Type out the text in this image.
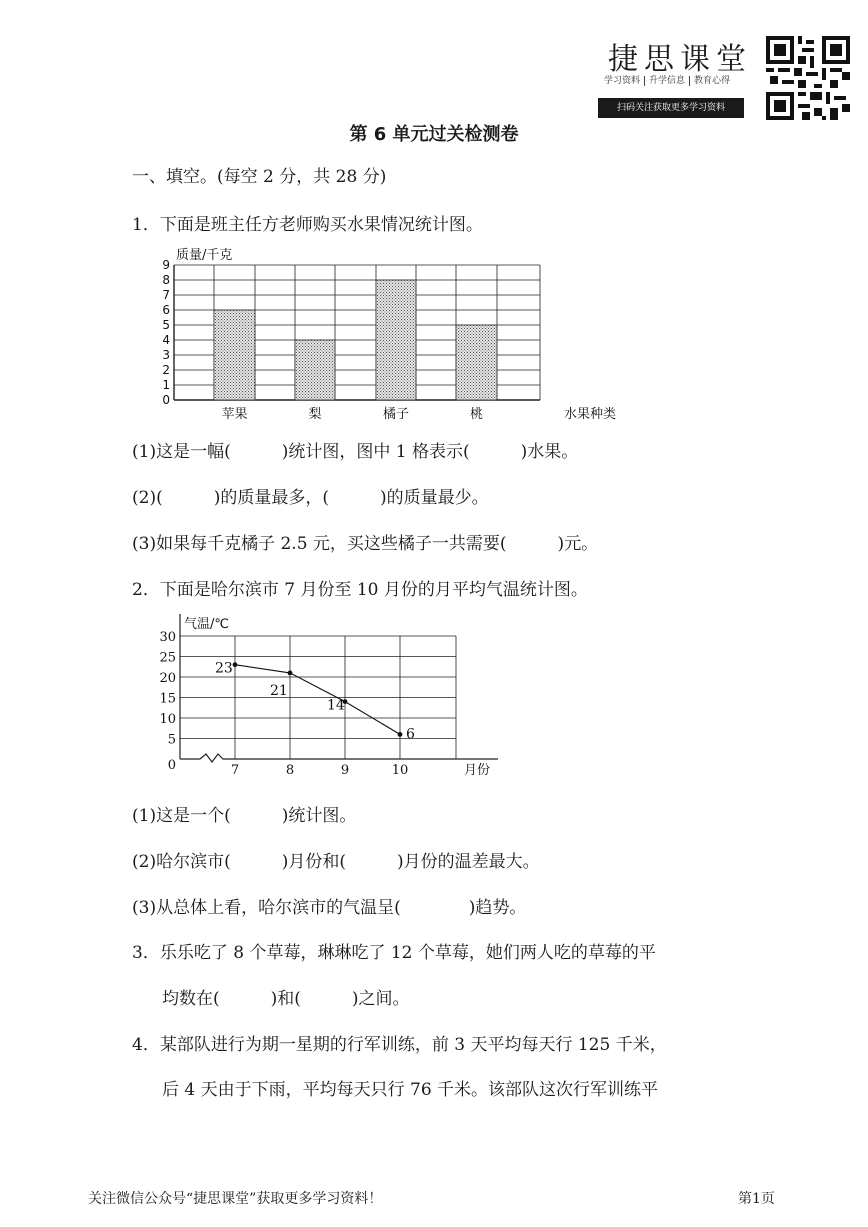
捷思课堂
学习资料 升学信息 教育心得
扫码关注获取更多学习资料
第 6 单元过关检测卷
一、填空。(每空 2 分，共 28 分)
1．下面是班主任方老师购买水果情况统计图。
0
1
2
3
4
5
6
7
8
9
质量/千克
水果种类
苹果	梨	橘子	桃
(1)这是一幅(　　　)统计图，图中 1 格表示(　　　)水果。
(2)(　　　)的质量最多，(　　　)的质量最少。
(3)如果每千克橘子 2.5 元，买这些橘子一共需要(　　　)元。
2．下面是哈尔滨市 7 月份至 10 月份的月平均气温统计图。
0
5
10
15
20
25
30
气温/℃
月份
7	8	9	10
23
21
14
6
(1)这是一个(　　　)统计图。
(2)哈尔滨市(　　　)月份和(　　　)月份的温差最大。
(3)从总体上看，哈尔滨市的气温呈(　　　　)趋势。
3．乐乐吃了 8 个草莓，琳琳吃了 12 个草莓，她们两人吃的草莓的平
均数在(　　　)和(　　　)之间。
4．某部队进行为期一星期的行军训练，前 3 天平均每天行 125 千米，
后 4 天由于下雨，平均每天只行 76 千米。该部队这次行军训练平
关注微信公众号“捷思课堂”获取更多学习资料！	第1页
